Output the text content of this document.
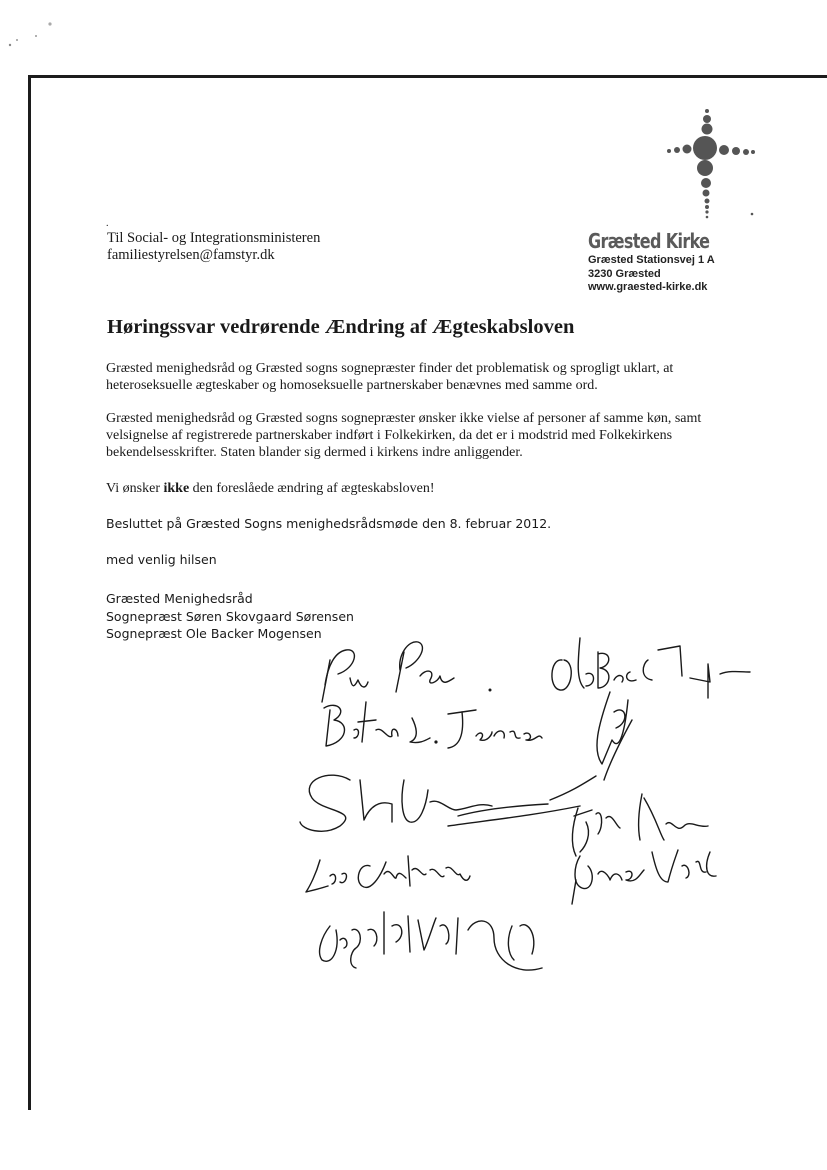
.
Til Social- og Integrationsministeren
familiestyrelsen@famstyr.dk
Græsted Kirke
Græsted Stationsvej 1 A
3230 Græsted
www.graested-kirke.dk
Høringssvar vedrørende Ændring af Ægteskabsloven
Græsted menighedsråd og Græsted sogns sognepræster finder det problematisk og sprogligt uklart, at heteroseksuelle ægteskaber og homoseksuelle partnerskaber benævnes med samme ord.
Græsted menighedsråd og Græsted sogns sognepræster ønsker ikke vielse af personer af samme køn, samt velsignelse af registrerede partnerskaber indført i Folkekirken, da det er i modstrid med Folkekirkens bekendelsesskrifter. Staten blander sig dermed i kirkens indre anliggender.
Vi ønsker ikke den foreslåede ændring af ægteskabsloven!
Besluttet på Græsted Sogns menighedsrådsmøde den 8. februar 2012.
med venlig hilsen
Græsted Menighedsråd
Sognepræst Søren Skovgaard Sørensen
Sognepræst Ole Backer Mogensen
